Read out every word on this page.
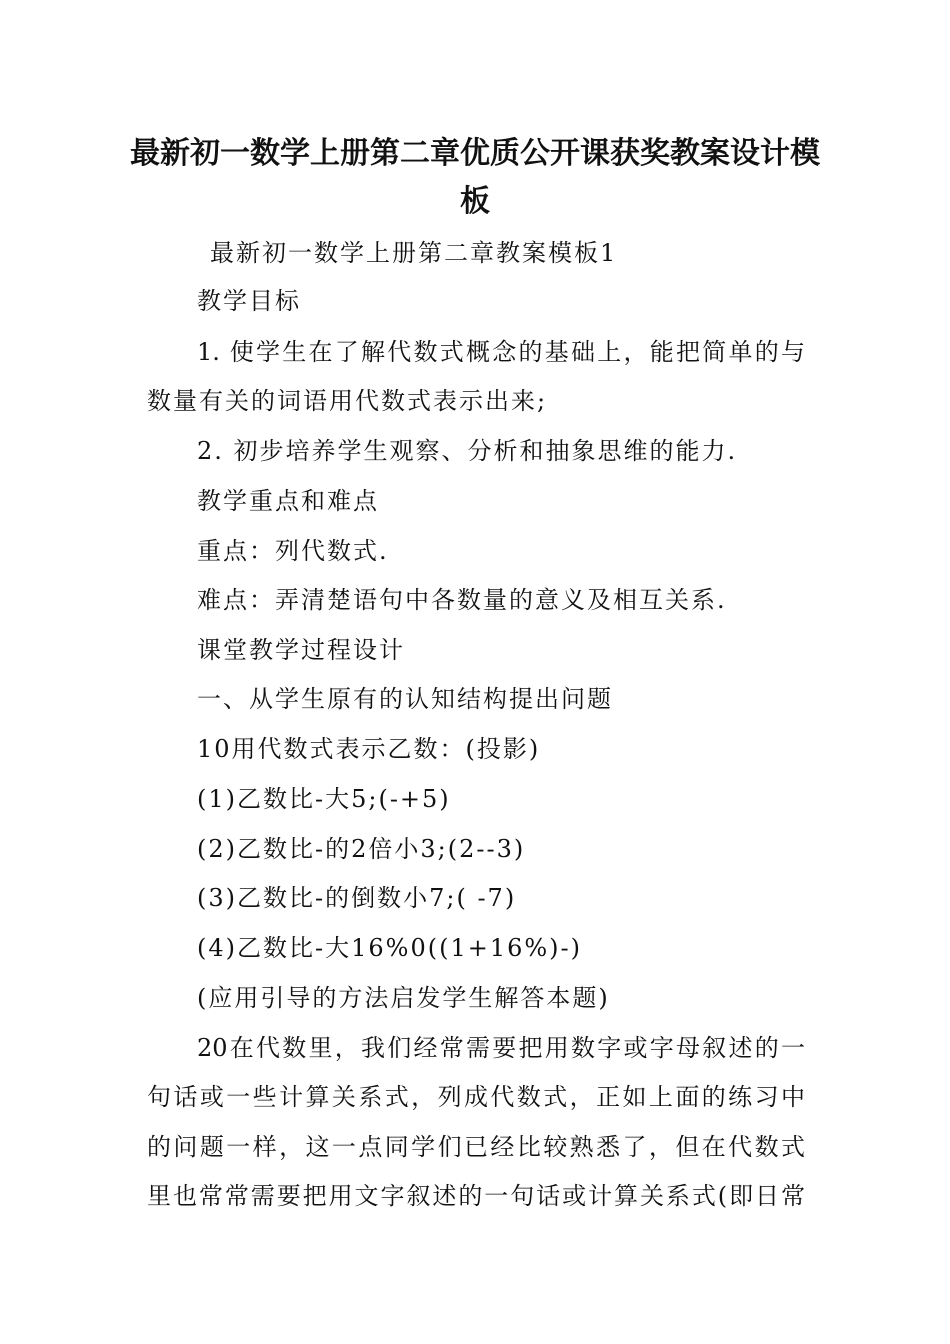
最新初一数学上册第二章优质公开课获奖教案设计模
板
最新初一数学上册第二章教案模板1
教学目标
1. 使学生在了解代数式概念的基础上，能把简单的与
数量有关的词语用代数式表示出来;
2. 初步培养学生观察、分析和抽象思维的能力.
教学重点和难点
重点：列代数式.
难点：弄清楚语句中各数量的意义及相互关系.
课堂教学过程设计
一、从学生原有的认知结构提出问题
10用代数式表示乙数：(投影)
(1)乙数比-大5;(-+5)
(2)乙数比-的2倍小3;(2--3)
(3)乙数比-的倒数小7;( -7)
(4)乙数比-大16%0((1+16%)-)
(应用引导的方法启发学生解答本题)
20在代数里，我们经常需要把用数字或字母叙述的一
句话或一些计算关系式，列成代数式，正如上面的练习中
的问题一样，这一点同学们已经比较熟悉了，但在代数式
里也常常需要把用文字叙述的一句话或计算关系式(即日常
